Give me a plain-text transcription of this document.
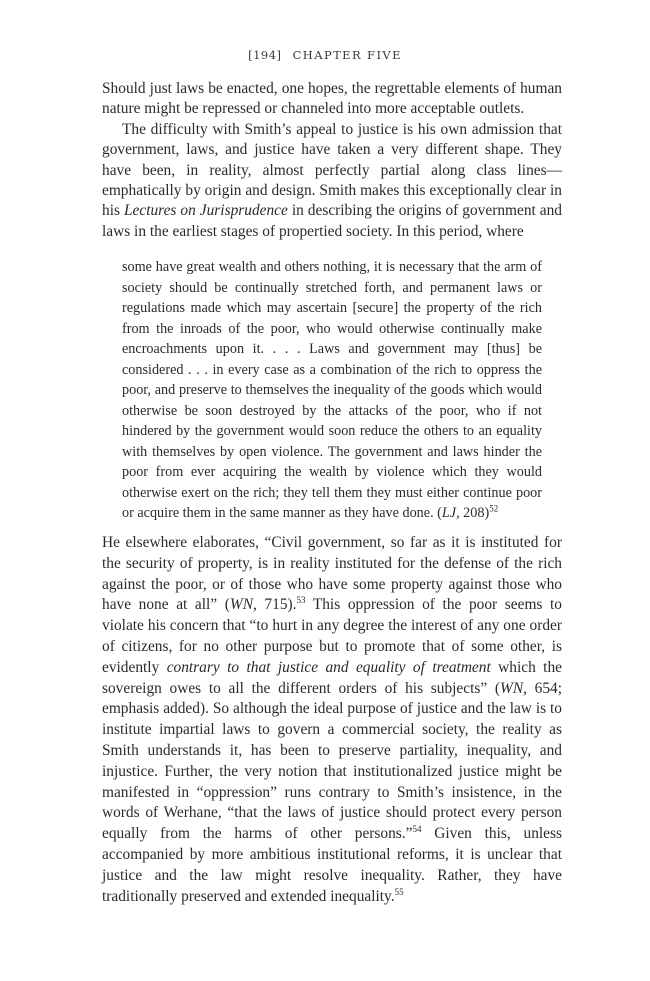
[194] CHAPTER FIVE

Should just laws be enacted, one hopes, the regrettable elements of human nature might be repressed or channeled into more acceptable outlets.

The difficulty with Smith’s appeal to justice is his own admission that government, laws, and justice have taken a very different shape. They have been, in reality, almost perfectly partial along class lines—emphatically by origin and design. Smith makes this exceptionally clear in his Lectures on Jurisprudence in describing the origins of government and laws in the earliest stages of propertied society. In this period, where

some have great wealth and others nothing, it is necessary that the arm of society should be continually stretched forth, and permanent laws or regulations made which may ascertain [secure] the property of the rich from the inroads of the poor, who would otherwise continually make encroachments upon it. . . . Laws and government may [thus] be considered . . . in every case as a combination of the rich to oppress the poor, and preserve to themselves the inequality of the goods which would otherwise be soon destroyed by the attacks of the poor, who if not hindered by the government would soon reduce the others to an equality with themselves by open violence. The government and laws hinder the poor from ever acquiring the wealth by violence which they would otherwise exert on the rich; they tell them they must either continue poor or acquire them in the same manner as they have done. (LJ, 208)$^{52}$

He elsewhere elaborates, “Civil government, so far as it is instituted for the security of property, is in reality instituted for the defense of the rich against the poor, or of those who have some property against those who have none at all” (WN, 715).$^{53}$ This oppression of the poor seems to violate his concern that “to hurt in any degree the interest of any one order of citizens, for no other purpose but to promote that of some other, is evidently contrary to that justice and equality of treatment which the sovereign owes to all the different orders of his subjects” (WN, 654; emphasis added). So although the ideal purpose of justice and the law is to institute impartial laws to govern a commercial society, the reality as Smith understands it, has been to preserve partiality, inequality, and injustice. Further, the very notion that institutionalized justice might be manifested in “oppression” runs contrary to Smith’s insistence, in the words of Werhane, “that the laws of justice should protect every person equally from the harms of other persons.”$^{54}$ Given this, unless accompanied by more ambitious institutional reforms, it is unclear that justice and the law might resolve inequality. Rather, they have traditionally preserved and extended inequality.$^{55}$
